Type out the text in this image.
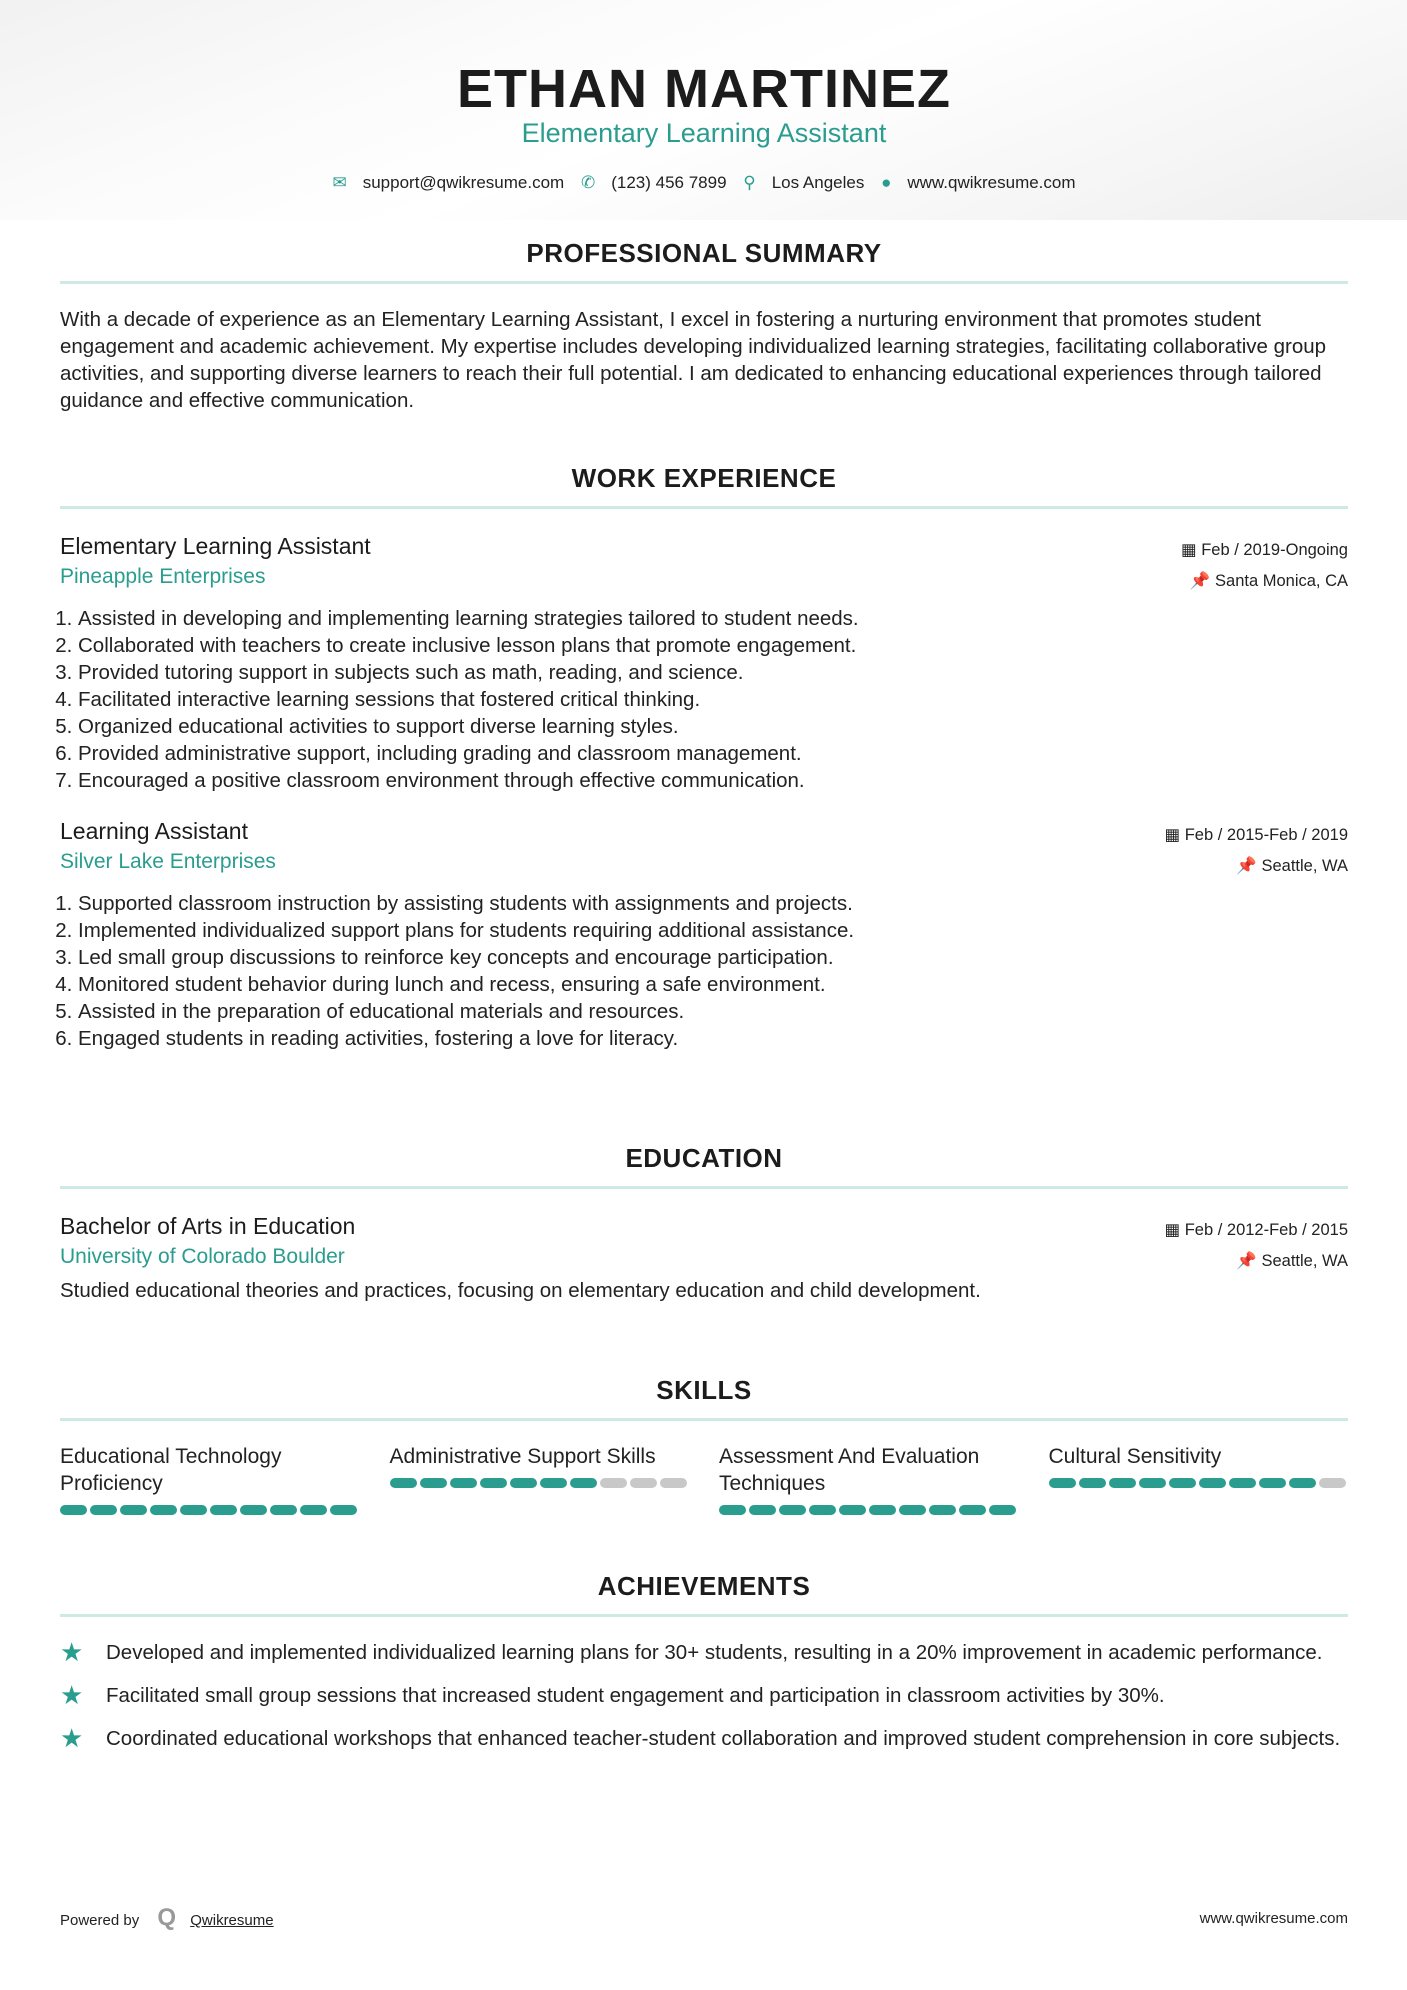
ETHAN MARTINEZ
Elementary Learning Assistant
✉ support@qwikresume.com ✆ (123) 456 7899 ⚲ Los Angeles ● www.qwikresume.com
PROFESSIONAL SUMMARY

With a decade of experience as an Elementary Learning Assistant, I excel in fostering a nurturing environment that promotes student engagement and academic achievement. My expertise includes developing individualized learning strategies, facilitating collaborative group activities, and supporting diverse learners to reach their full potential. I am dedicated to enhancing educational experiences through tailored guidance and effective communication.

WORK EXPERIENCE
Elementary Learning Assistant
Pineapple Enterprises
▦ Feb / 2019-Ongoing
📌 Santa Monica, CA
1. Assisted in developing and implementing learning strategies tailored to student needs.
2. Collaborated with teachers to create inclusive lesson plans that promote engagement.
3. Provided tutoring support in subjects such as math, reading, and science.
4. Facilitated interactive learning sessions that fostered critical thinking.
5. Organized educational activities to support diverse learning styles.
6. Provided administrative support, including grading and classroom management.
7. Encouraged a positive classroom environment through effective communication.
Learning Assistant
Silver Lake Enterprises
▦ Feb / 2015-Feb / 2019
📌 Seattle, WA
1. Supported classroom instruction by assisting students with assignments and projects.
2. Implemented individualized support plans for students requiring additional assistance.
3. Led small group discussions to reinforce key concepts and encourage participation.
4. Monitored student behavior during lunch and recess, ensuring a safe environment.
5. Assisted in the preparation of educational materials and resources.
6. Engaged students in reading activities, fostering a love for literacy.
EDUCATION
Bachelor of Arts in Education
University of Colorado Boulder
▦ Feb / 2012-Feb / 2015
📌 Seattle, WA

Studied educational theories and practices, focusing on elementary education and child development.

SKILLS
Educational Technology Proficiency
Administrative Support Skills	Assessment And Evaluation Techniques
Cultural Sensitivity
ACHIEVEMENTS
★	Developed and implemented individualized learning plans for 30+ students, resulting in a 20% improvement in academic performance.

★	Facilitated small group sessions that increased student engagement and participation in classroom activities by 30%.

★	Coordinated educational workshops that enhanced teacher-student collaboration and improved student comprehension in core subjects.

Powered by Q Qwikresume	www.qwikresume.com
